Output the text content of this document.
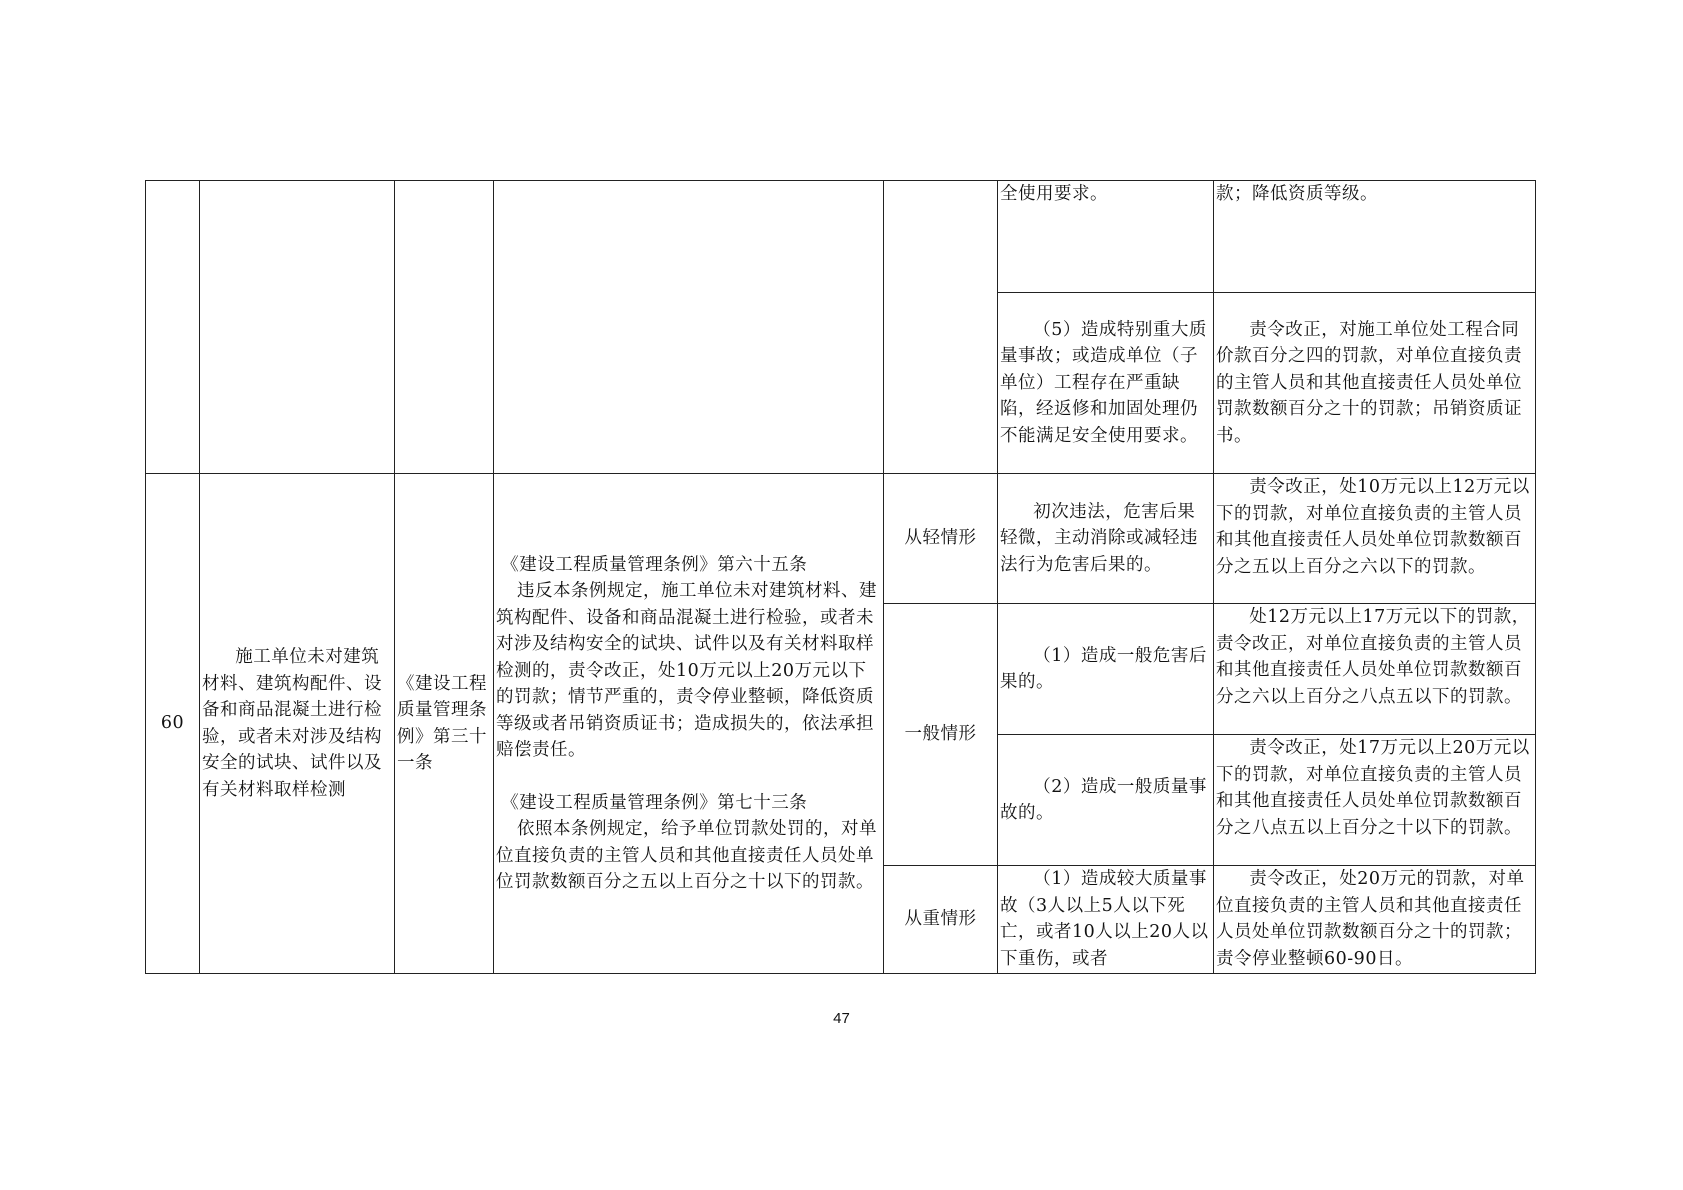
					全使用要求。	款；降低资质等级。

					（5）造成特别重大质量事故；或造成单位（子单位）工程存在严重缺陷，经返修和加固处理仍不能满足安全使用要求。	责令改正，对施工单位处工程合同价款百分之四的罚款，对单位直接负责的主管人员和其他直接责任人员处单位罚款数额百分之十的罚款；吊销资质证书。

60	施工单位未对建筑材料、建筑构配件、设备和商品混凝土进行检验，或者未对涉及结构安全的试块、试件以及有关材料取样检测	《建设工程质量管理条例》第三十一条	《建设工程质量管理条例》第六十五条
违反本条例规定，施工单位未对建筑材料、建筑构配件、设备和商品混凝土进行检验，或者未对涉及结构安全的试块、试件以及有关材料取样检测的，责令改正，处10万元以上20万元以下的罚款；情节严重的，责令停业整顿，降低资质等级或者吊销资质证书；造成损失的，依法承担赔偿责任。
《建设工程质量管理条例》第七十三条
依照本条例规定，给予单位罚款处罚的，对单位直接负责的主管人员和其他直接责任人员处单位罚款数额百分之五以上百分之十以下的罚款。	从轻情形	初次违法，危害后果轻微，主动消除或减轻违法行为危害后果的。	责令改正，处10万元以上12万元以下的罚款，对单位直接负责的主管人员和其他直接责任人员处单位罚款数额百分之五以上百分之六以下的罚款。

				一般情形	（1）造成一般危害后果的。	处12万元以上17万元以下的罚款，责令改正，对单位直接负责的主管人员和其他直接责任人员处单位罚款数额百分之六以上百分之八点五以下的罚款。

					（2）造成一般质量事故的。	责令改正，处17万元以上20万元以下的罚款，对单位直接负责的主管人员和其他直接责任人员处单位罚款数额百分之八点五以上百分之十以下的罚款。

				从重情形	（1）造成较大质量事故（3人以上5人以下死亡，或者10人以上20人以下重伤，或者	责令改正，处20万元的罚款，对单位直接负责的主管人员和其他直接责任人员处单位罚款数额百分之十的罚款；责令停业整顿60-90日。
47
